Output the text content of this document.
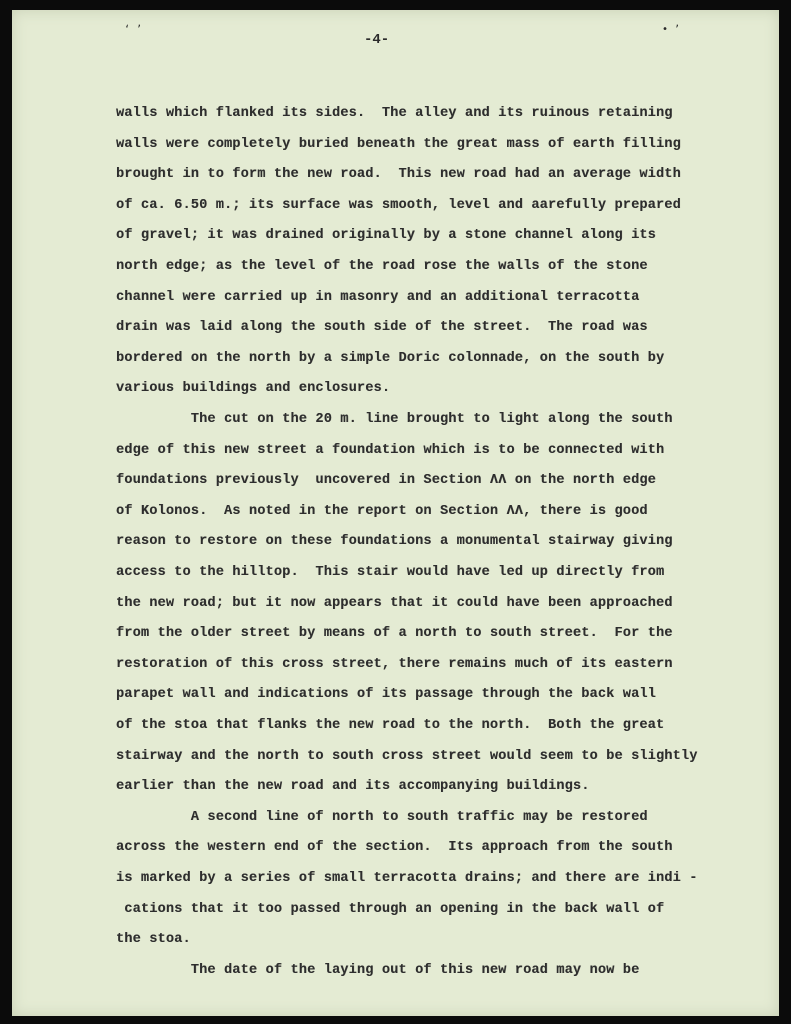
ʻ ʼ	• ʼ
-4-
walls which flanked its sides.  The alley and its ruinous retaining
walls were completely buried beneath the great mass of earth filling
brought in to form the new road.  This new road had an average width
of ca. 6.50 m.; its surface was smooth, level and aarefully prepared
of gravel; it was drained originally by a stone channel along its
north edge; as the level of the road rose the walls of the stone
channel were carried up in masonry and an additional terracotta
drain was laid along the south side of the street.  The road was
bordered on the north by a simple Doric colonnade, on the south by
various buildings and enclosures.
The cut on the 20 m. line brought to light along the south
edge of this new street a foundation which is to be connected with
foundations previously  uncovered in Section ΛΛ on the north edge
of Kolonos.  As noted in the report on Section ΛΛ, there is good
reason to restore on these foundations a monumental stairway giving
access to the hilltop.  This stair would have led up directly from
the new road; but it now appears that it could have been approached
from the older street by means of a north to south street.  For the
restoration of this cross street, there remains much of its eastern
parapet wall and indications of its passage through the back wall
of the stoa that flanks the new road to the north.  Both the great
stairway and the north to south cross street would seem to be slightly
earlier than the new road and its accompanying buildings.
A second line of north to south traffic may be restored
across the western end of the section.  Its approach from the south
is marked by a series of small terracotta drains; and there are indi -
cations that it too passed through an opening in the back wall of
the stoa.
The date of the laying out of this new road may now be
